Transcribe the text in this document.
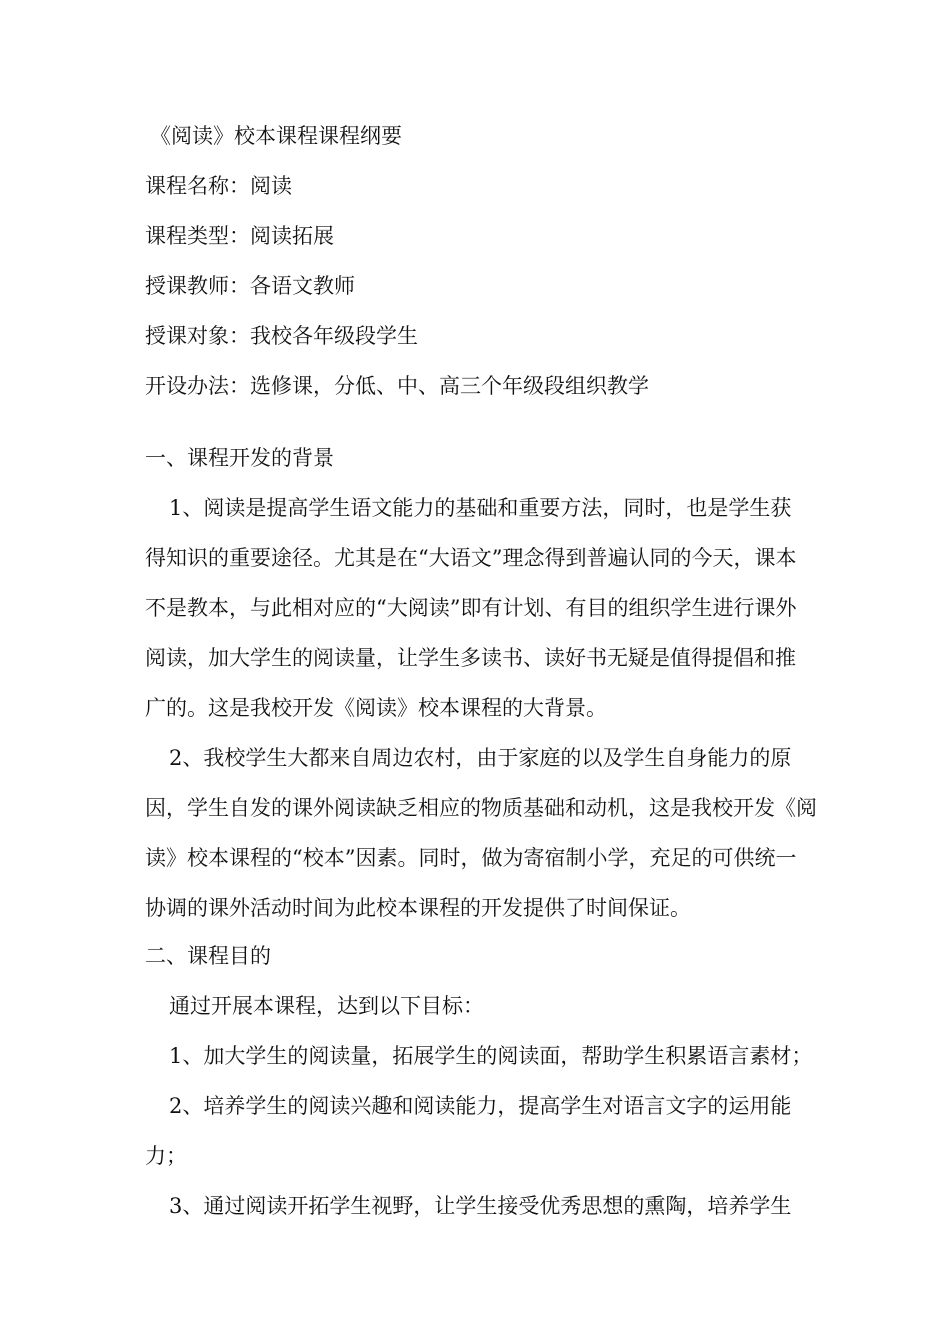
《阅读》校本课程课程纲要
课程名称：阅读
课程类型：阅读拓展
授课教师：各语文教师
授课对象：我校各年级段学生
开设办法：选修课，分低、中、高三个年级段组织教学
一、课程开发的背景
1、阅读是提高学生语文能力的基础和重要方法，同时，也是学生获
得知识的重要途径。尤其是在“大语文”理念得到普遍认同的今天，课本
不是教本，与此相对应的“大阅读”即有计划、有目的组织学生进行课外
阅读，加大学生的阅读量，让学生多读书、读好书无疑是值得提倡和推
广的。这是我校开发《阅读》校本课程的大背景。
2、我校学生大都来自周边农村，由于家庭的以及学生自身能力的原
因，学生自发的课外阅读缺乏相应的物质基础和动机，这是我校开发《阅
读》校本课程的“校本”因素。同时，做为寄宿制小学，充足的可供统一
协调的课外活动时间为此校本课程的开发提供了时间保证。
二、课程目的
通过开展本课程，达到以下目标：
1、加大学生的阅读量，拓展学生的阅读面，帮助学生积累语言素材；
2、培养学生的阅读兴趣和阅读能力，提高学生对语言文字的运用能
力；
3、通过阅读开拓学生视野，让学生接受优秀思想的熏陶，培养学生
